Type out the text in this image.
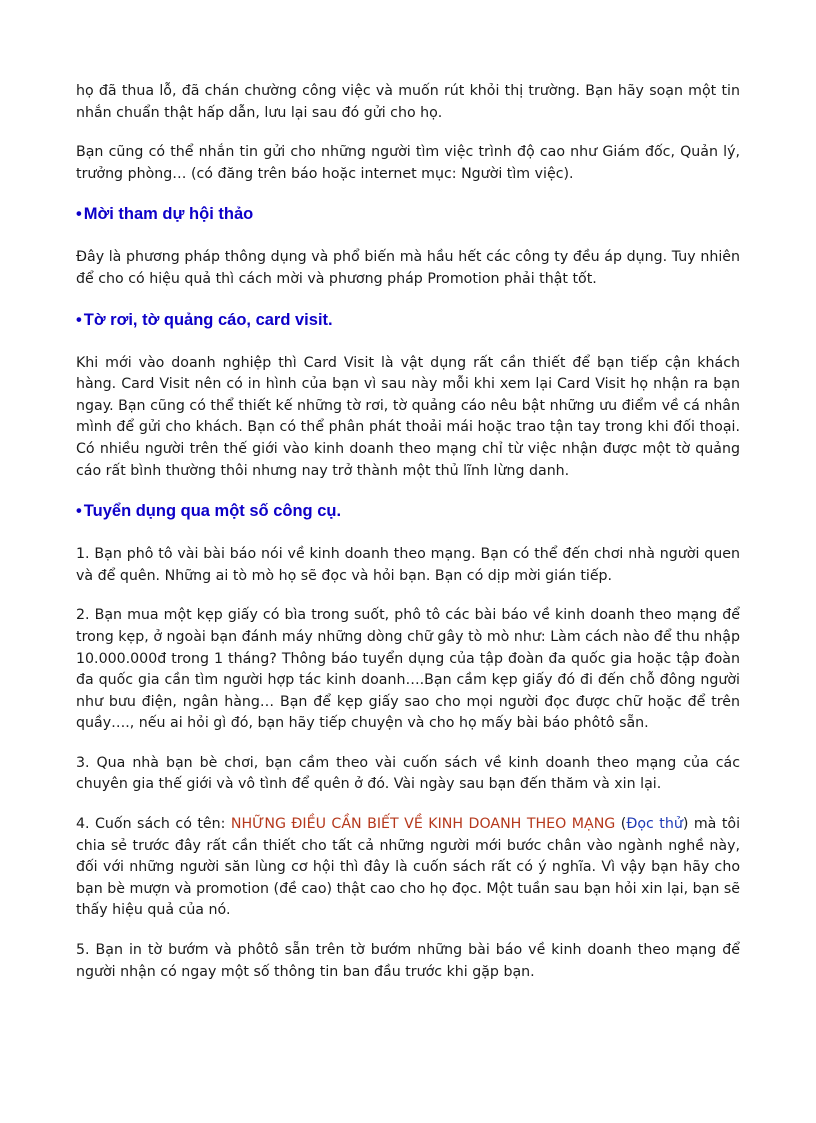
họ đã thua lỗ, đã chán chường công việc và muốn rút khỏi thị trường. Bạn hãy soạn một tin nhắn chuẩn thật hấp dẫn, lưu lại sau đó gửi cho họ.

Bạn cũng có thể nhắn tin gửi cho những người tìm việc trình độ cao như Giám đốc, Quản lý, trưởng phòng… (có đăng trên báo hoặc internet mục: Người tìm việc).

• Mời tham dự hội thảo

Đây là phương pháp thông dụng và phổ biến mà hầu hết các công ty đều áp dụng. Tuy nhiên để cho có hiệu quả thì cách mời và phương pháp Promotion phải thật tốt.

• Tờ rơi, tờ quảng cáo, card visit.

Khi mới vào doanh nghiệp thì Card Visit là vật dụng rất cần thiết để bạn tiếp cận khách hàng. Card Visit nên có in hình của bạn vì sau này mỗi khi xem lại Card Visit họ nhận ra bạn ngay. Bạn cũng có thể thiết kế những tờ rơi, tờ quảng cáo nêu bật những ưu điểm về cá nhân mình để gửi cho khách. Bạn có thể phân phát thoải mái hoặc trao tận tay trong khi đối thoại. Có nhiều người trên thế giới vào kinh doanh theo mạng chỉ từ việc nhận được một tờ quảng cáo rất bình thường thôi nhưng nay trở thành một thủ lĩnh lừng danh.

• Tuyển dụng qua một số công cụ.

1. Bạn phô tô vài bài báo nói về kinh doanh theo mạng. Bạn có thể đến chơi nhà người quen và để quên. Những ai tò mò họ sẽ đọc và hỏi bạn. Bạn có dịp mời gián tiếp.

2. Bạn mua một kẹp giấy có bìa trong suốt, phô tô các bài báo về kinh doanh theo mạng để trong kẹp, ở ngoài bạn đánh máy những dòng chữ gây tò mò như: Làm cách nào để thu nhập 10.000.000đ trong 1 tháng? Thông báo tuyển dụng của tập đoàn đa quốc gia hoặc tập đoàn đa quốc gia cần tìm người hợp tác kinh doanh….Bạn cầm kẹp giấy đó đi đến chỗ đông người như bưu điện, ngân hàng… Bạn để kẹp giấy sao cho mọi người đọc được chữ hoặc để trên quầy…., nếu ai hỏi gì đó, bạn hãy tiếp chuyện và cho họ mấy bài báo phôtô sẵn.

3. Qua nhà bạn bè chơi, bạn cầm theo vài cuốn sách về kinh doanh theo mạng của các chuyên gia thế giới và vô tình để quên ở đó. Vài ngày sau bạn đến thăm và xin lại.

4. Cuốn sách có tên: NHỮNG ĐIỀU CẦN BIẾT VỀ KINH DOANH THEO MẠNG (Đọc thử) mà tôi chia sẻ trước đây rất cần thiết cho tất cả những người mới bước chân vào ngành nghề này, đối với những người săn lùng cơ hội thì đây là cuốn sách rất có ý nghĩa. Vì vậy bạn hãy cho bạn bè mượn và promotion (đề cao) thật cao cho họ đọc. Một tuần sau bạn hỏi xin lại, bạn sẽ thấy hiệu quả của nó.

5. Bạn in tờ bướm và phôtô sẵn trên tờ bướm những bài báo về kinh doanh theo mạng để người nhận có ngay một số thông tin ban đầu trước khi gặp bạn.
